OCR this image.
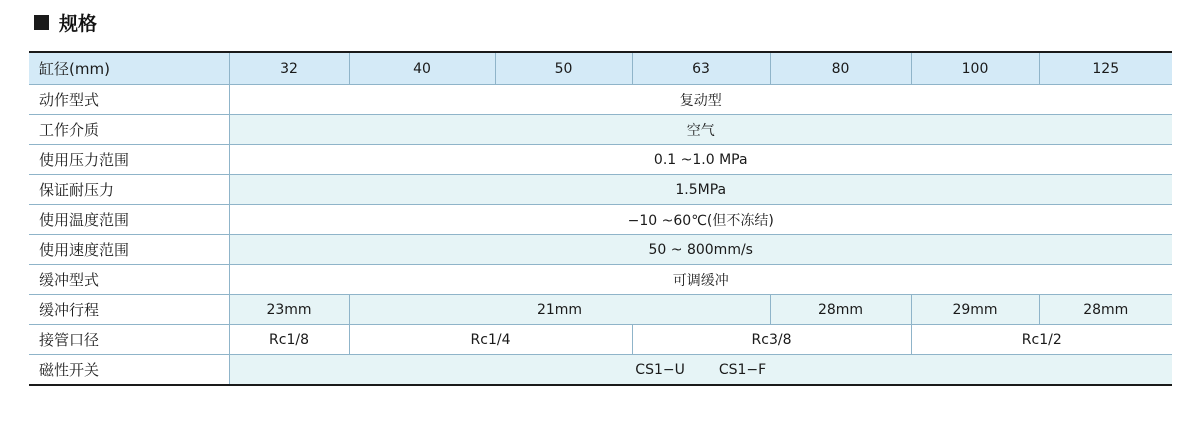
规格
缸径(mm)	32	40	50	63	80	100	125
动作型式	复动型						
工作介质	空气						
使用压力范围	0.1 ~1.0 MPa						
保证耐压力	1.5MPa						
使用温度范围	−10 ~60℃(但不冻结)						
使用速度范围	50 ~ 800mm/s						
缓冲型式	可调缓冲						
缓冲行程	23mm	21mm			28mm	29mm	28mm
接管口径	Rc1/8	Rc1/4		Rc3/8		Rc1/2	
磁性开关	CS1−U CS1−F						
